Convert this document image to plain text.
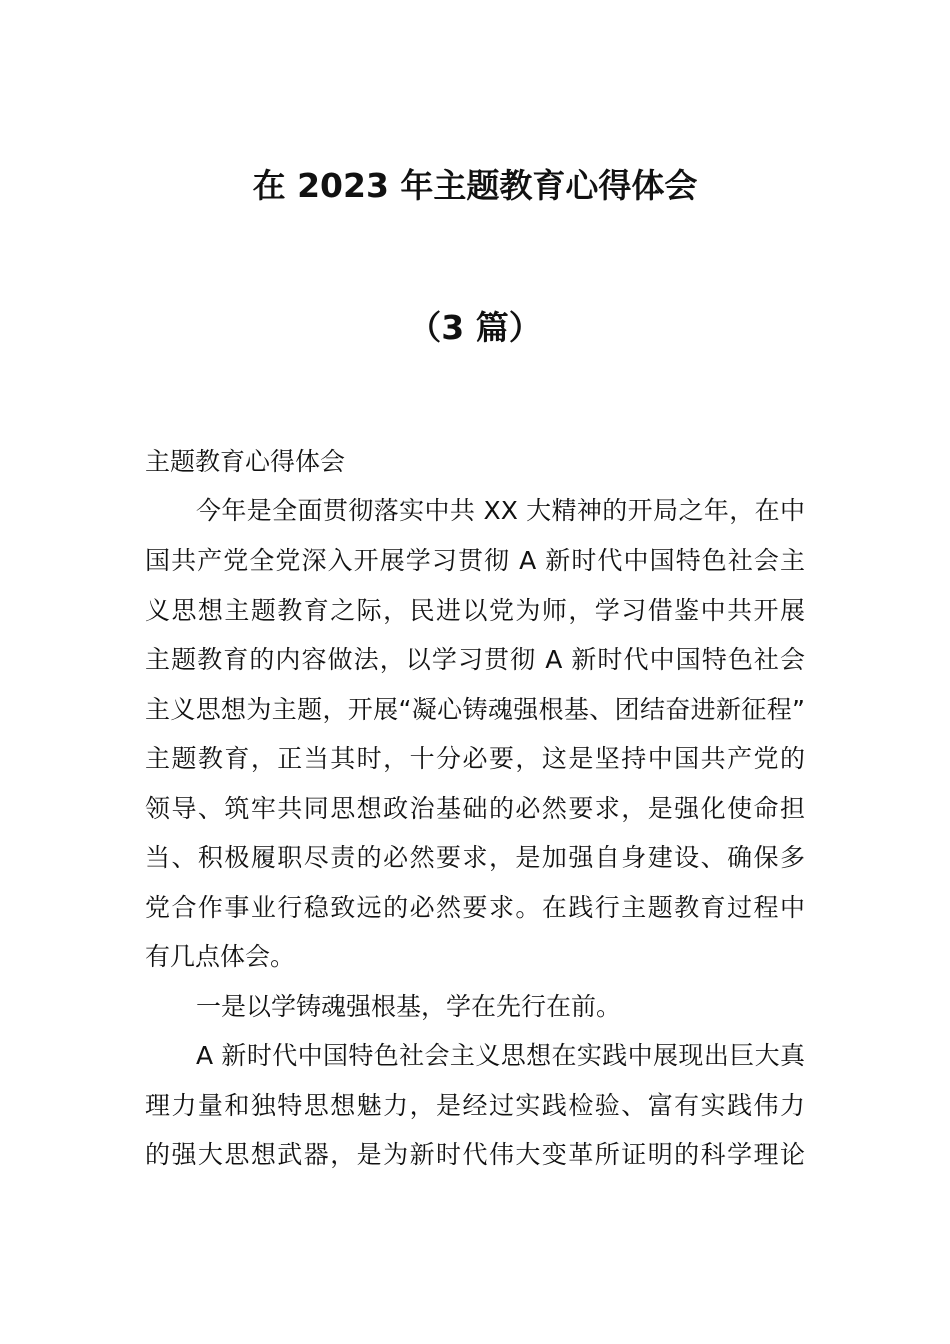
在 2023 年主题教育心得体会
（3 篇）
主题教育心得体会
今年是全面贯彻落实中共 XX 大精神的开局之年，在中
国共产党全党深入开展学习贯彻 A 新时代中国特色社会主
义思想主题教育之际，民进以党为师，学习借鉴中共开展
主题教育的内容做法，以学习贯彻 A 新时代中国特色社会
主义思想为主题，开展“凝心铸魂强根基、团结奋进新征程”
主题教育，正当其时，十分必要，这是坚持中国共产党的
领导、筑牢共同思想政治基础的必然要求，是强化使命担
当、积极履职尽责的必然要求，是加强自身建设、确保多
党合作事业行稳致远的必然要求。在践行主题教育过程中
有几点体会。
一是以学铸魂强根基，学在先行在前。
A 新时代中国特色社会主义思想在实践中展现出巨大真
理力量和独特思想魅力，是经过实践检验、富有实践伟力
的强大思想武器，是为新时代伟大变革所证明的科学理论
